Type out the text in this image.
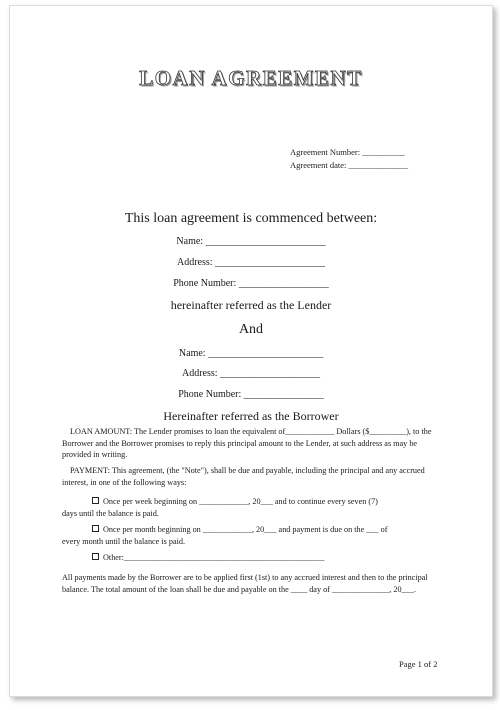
LOAN AGREEMENT
Agreement Number: __________
Agreement date: ______________
This loan agreement is commenced between:
Name: ________________________
Address: ______________________
Phone Number: __________________
hereinafter referred as the Lender
And
Name: _______________________
Address: ____________________
Phone Number: ________________
Hereinafter referred as the Borrower
LOAN AMOUNT: The Lender promises to loan the equivalent of____________ Dollars ($_________), to the Borrower and the Borrower promises to reply this principal amount to the Lender, at such address as may be provided in writing.
PAYMENT: This agreement, (the "Note"), shall be due and payable, including the principal and any accrued interest, in one of the following ways:
Once per week beginning on ____________, 20___ and to continue every seven (7)
days until the balance is paid.
Once per month beginning on ____________, 20___ and payment is due on the ___ of
every month until the balance is paid.
Other:_________________________________________________
All payments made by the Borrower are to be applied first (1st) to any accrued interest and then to the principal balance. The total amount of the loan shall be due and payable on the ____ day of ______________, 20___.
Page 1 of 2
